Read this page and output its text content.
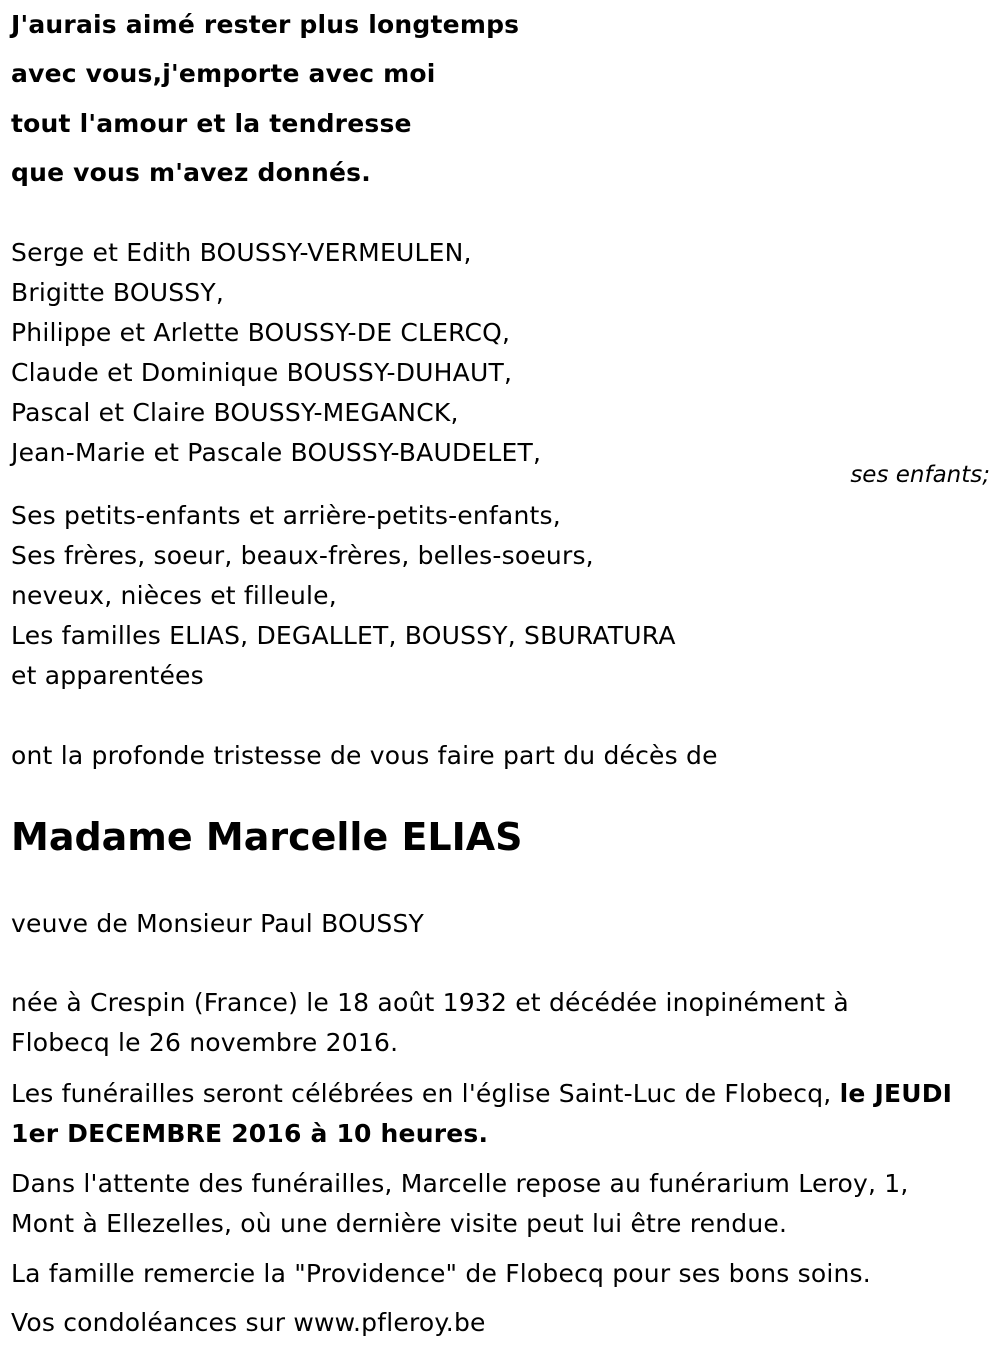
J'aurais aimé rester plus longtemps
avec vous,j'emporte avec moi
tout l'amour et la tendresse
que vous m'avez donnés.
Serge et Edith BOUSSY-VERMEULEN,
Brigitte BOUSSY,
Philippe et Arlette BOUSSY-DE CLERCQ,
Claude et Dominique BOUSSY-DUHAUT,
Pascal et Claire BOUSSY-MEGANCK,
Jean-Marie et Pascale BOUSSY-BAUDELET,
ses enfants;
Ses petits-enfants et arrière-petits-enfants,
Ses frères, soeur, beaux-frères, belles-soeurs,
neveux, nièces et filleule,
Les familles ELIAS, DEGALLET, BOUSSY, SBURATURA
et apparentées
ont la profonde tristesse de vous faire part du décès de
Madame Marcelle ELIAS
veuve de Monsieur Paul BOUSSY
née à Crespin (France) le 18 août 1932 et décédée inopinément à
Flobecq le 26 novembre 2016.
Les funérailles seront célébrées en l'église Saint-Luc de Flobecq, le JEUDI
1er DECEMBRE 2016 à 10 heures.
Dans l'attente des funérailles, Marcelle repose au funérarium Leroy, 1,
Mont à Ellezelles, où une dernière visite peut lui être rendue.
La famille remercie la "Providence" de Flobecq pour ses bons soins.
Vos condoléances sur www.pfleroy.be
